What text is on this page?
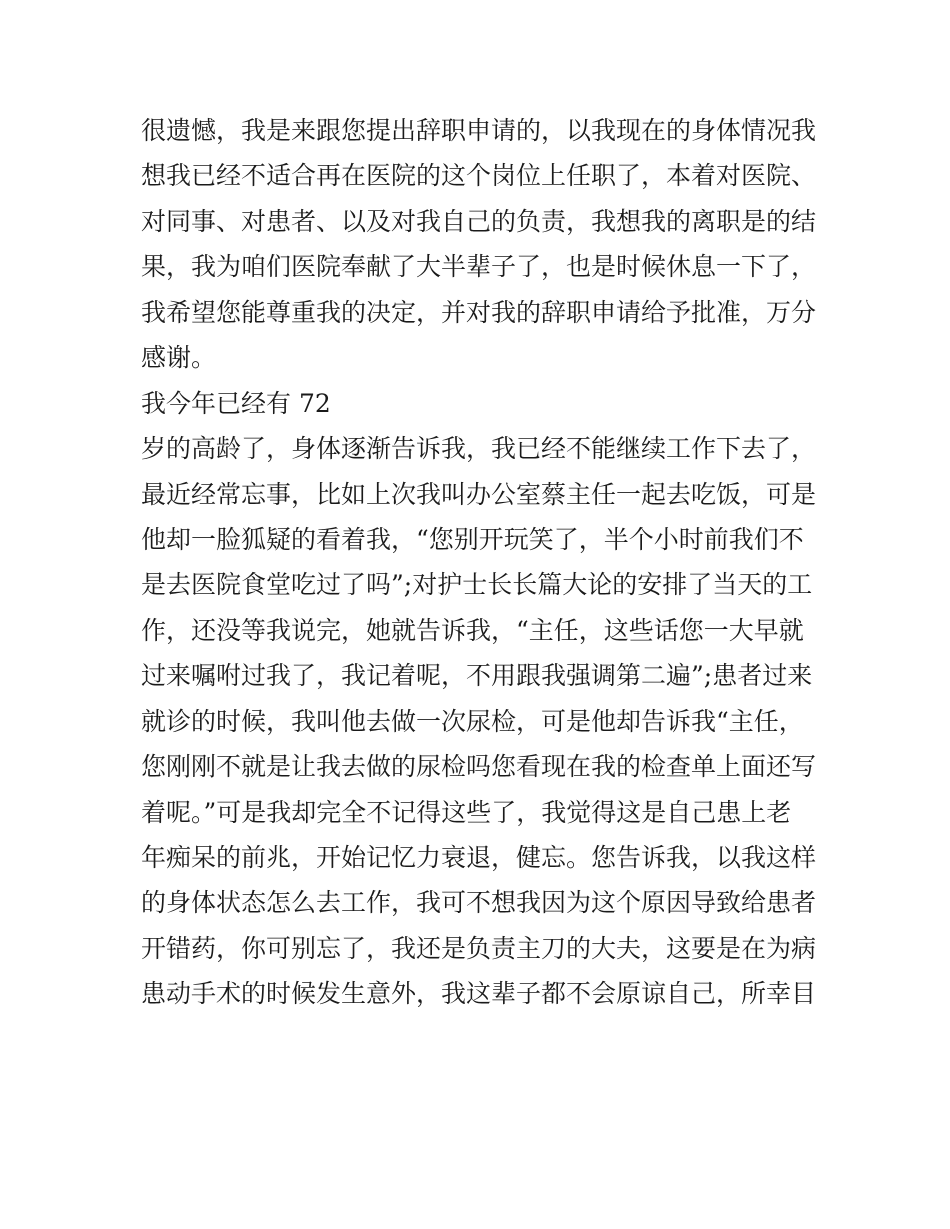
很遗憾，我是来跟您提出辞职申请的，以我现在的身体情况我
想我已经不适合再在医院的这个岗位上任职了，本着对医院、
对同事、对患者、以及对我自己的负责，我想我的离职是的结
果，我为咱们医院奉献了大半辈子了，也是时候休息一下了，
我希望您能尊重我的决定，并对我的辞职申请给予批准，万分
感谢。
我今年已经有 72
岁的高龄了，身体逐渐告诉我，我已经不能继续工作下去了，
最近经常忘事，比如上次我叫办公室蔡主任一起去吃饭，可是
他却一脸狐疑的看着我，“您别开玩笑了，半个小时前我们不
是去医院食堂吃过了吗”;对护士长长篇大论的安排了当天的工
作，还没等我说完，她就告诉我，“主任，这些话您一大早就
过来嘱咐过我了，我记着呢，不用跟我强调第二遍”;患者过来
就诊的时候，我叫他去做一次尿检，可是他却告诉我“主任，
您刚刚不就是让我去做的尿检吗您看现在我的检查单上面还写
着呢。”可是我却完全不记得这些了，我觉得这是自己患上老
年痴呆的前兆，开始记忆力衰退，健忘。您告诉我，以我这样
的身体状态怎么去工作，我可不想我因为这个原因导致给患者
开错药，你可别忘了，我还是负责主刀的大夫，这要是在为病
患动手术的时候发生意外，我这辈子都不会原谅自己，所幸目
